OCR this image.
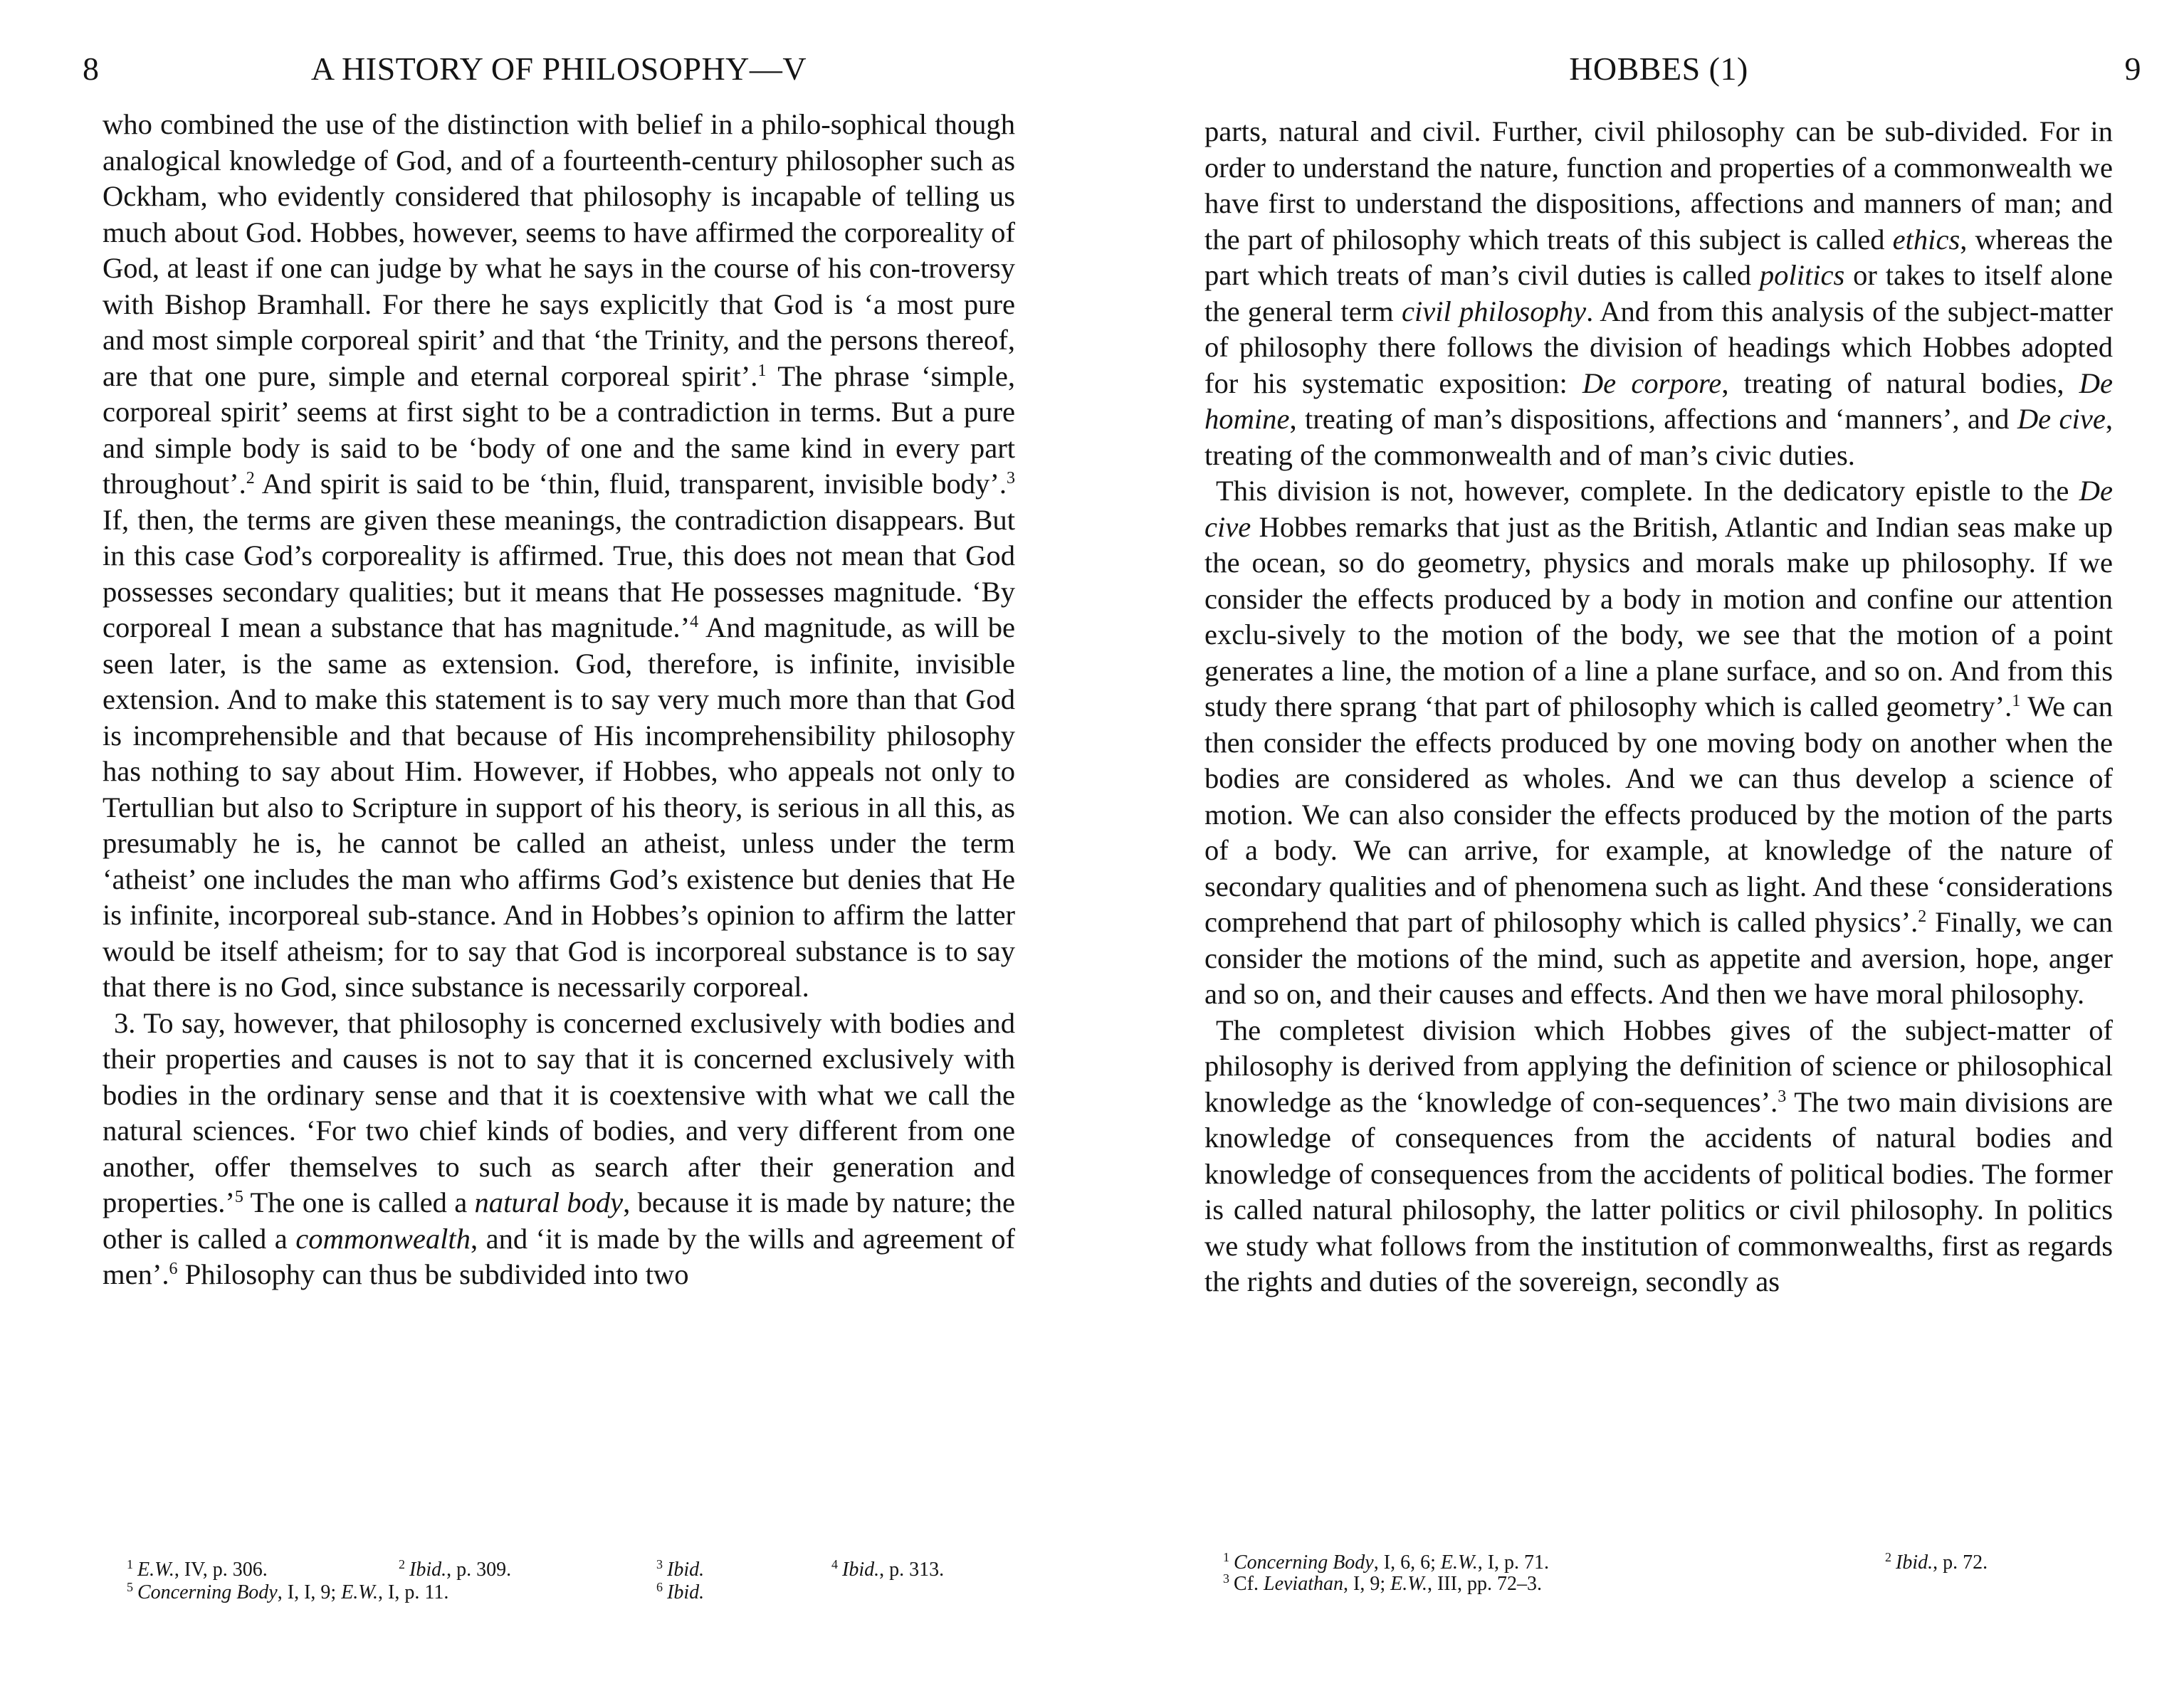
8	A HISTORY OF PHILOSOPHY—V

who combined the use of the distinction with belief in a philo-sophical though analogical knowledge of God, and of a fourteenth-century philosopher such as Ockham, who evidently considered that philosophy is incapable of telling us much about God. Hobbes, however, seems to have affirmed the corporeality of God, at least if one can judge by what he says in the course of his con-troversy with Bishop Bramhall. For there he says explicitly that God is ‘a most pure and most simple corporeal spirit’ and that ‘the Trinity, and the persons thereof, are that one pure, simple and eternal corporeal spirit’.$^1$ The phrase ‘simple, corporeal spirit’ seems at first sight to be a contradiction in terms. But a pure and simple body is said to be ‘body of one and the same kind in every part throughout’.$^2$ And spirit is said to be ‘thin, fluid, transparent, invisible body’.$^3$ If, then, the terms are given these meanings, the contradiction disappears. But in this case God’s corporeality is affirmed. True, this does not mean that God possesses secondary qualities; but it means that He possesses magnitude. ‘By corporeal I mean a substance that has magnitude.’$^4$ And magnitude, as will be seen later, is the same as extension. God, therefore, is infinite, invisible extension. And to make this statement is to say very much more than that God is incomprehensible and that because of His incomprehensibility philosophy has nothing to say about Him. However, if Hobbes, who appeals not only to Tertullian but also to Scripture in support of his theory, is serious in all this, as presumably he is, he cannot be called an atheist, unless under the term ‘atheist’ one includes the man who affirms God’s existence but denies that He is infinite, incorporeal sub-stance. And in Hobbes’s opinion to affirm the latter would be itself atheism; for to say that God is incorporeal substance is to say that there is no God, since substance is necessarily corporeal.

3. To say, however, that philosophy is concerned exclusively with bodies and their properties and causes is not to say that it is concerned exclusively with bodies in the ordinary sense and that it is coextensive with what we call the natural sciences. ‘For two chief kinds of bodies, and very different from one another, offer themselves to such as search after their generation and properties.’$^5$ The one is called a natural body, because it is made by nature; the other is called a commonwealth, and ‘it is made by the wills and agreement of men’.$^6$ Philosophy can thus be subdivided into two

$^1$ E.W., IV, p. 306.	$^2$ Ibid., p. 309.	$^3$ Ibid.	$^4$ Ibid., p. 313.
$^5$ Concerning Body, I, I, 9; E.W., I, p. 11.	$^6$ Ibid.
HOBBES (1)	9

parts, natural and civil. Further, civil philosophy can be sub-divided. For in order to understand the nature, function and properties of a commonwealth we have first to understand the dispositions, affections and manners of man; and the part of philosophy which treats of this subject is called ethics, whereas the part which treats of man’s civil duties is called politics or takes to itself alone the general term civil philosophy. And from this analysis of the subject-matter of philosophy there follows the division of headings which Hobbes adopted for his systematic exposition: De corpore, treating of natural bodies, De homine, treating of man’s dispositions, affections and ‘manners’, and De cive, treating of the commonwealth and of man’s civic duties.

This division is not, however, complete. In the dedicatory epistle to the De cive Hobbes remarks that just as the British, Atlantic and Indian seas make up the ocean, so do geometry, physics and morals make up philosophy. If we consider the effects produced by a body in motion and confine our attention exclu-sively to the motion of the body, we see that the motion of a point generates a line, the motion of a line a plane surface, and so on. And from this study there sprang ‘that part of philosophy which is called geometry’.$^1$ We can then consider the effects produced by one moving body on another when the bodies are considered as wholes. And we can thus develop a science of motion. We can also consider the effects produced by the motion of the parts of a body. We can arrive, for example, at knowledge of the nature of secondary qualities and of phenomena such as light. And these ‘considerations comprehend that part of philosophy which is called physics’.$^2$ Finally, we can consider the motions of the mind, such as appetite and aversion, hope, anger and so on, and their causes and effects. And then we have moral philosophy.

The completest division which Hobbes gives of the subject-matter of philosophy is derived from applying the definition of science or philosophical knowledge as the ‘knowledge of con-sequences’.$^3$ The two main divisions are knowledge of consequences from the accidents of natural bodies and knowledge of consequences from the accidents of political bodies. The former is called natural philosophy, the latter politics or civil philosophy. In politics we study what follows from the institution of commonwealths, first as regards the rights and duties of the sovereign, secondly as

$^1$ Concerning Body, I, 6, 6; E.W., I, p. 71.	$^2$ Ibid., p. 72.
$^3$ Cf. Leviathan, I, 9; E.W., III, pp. 72–3.
